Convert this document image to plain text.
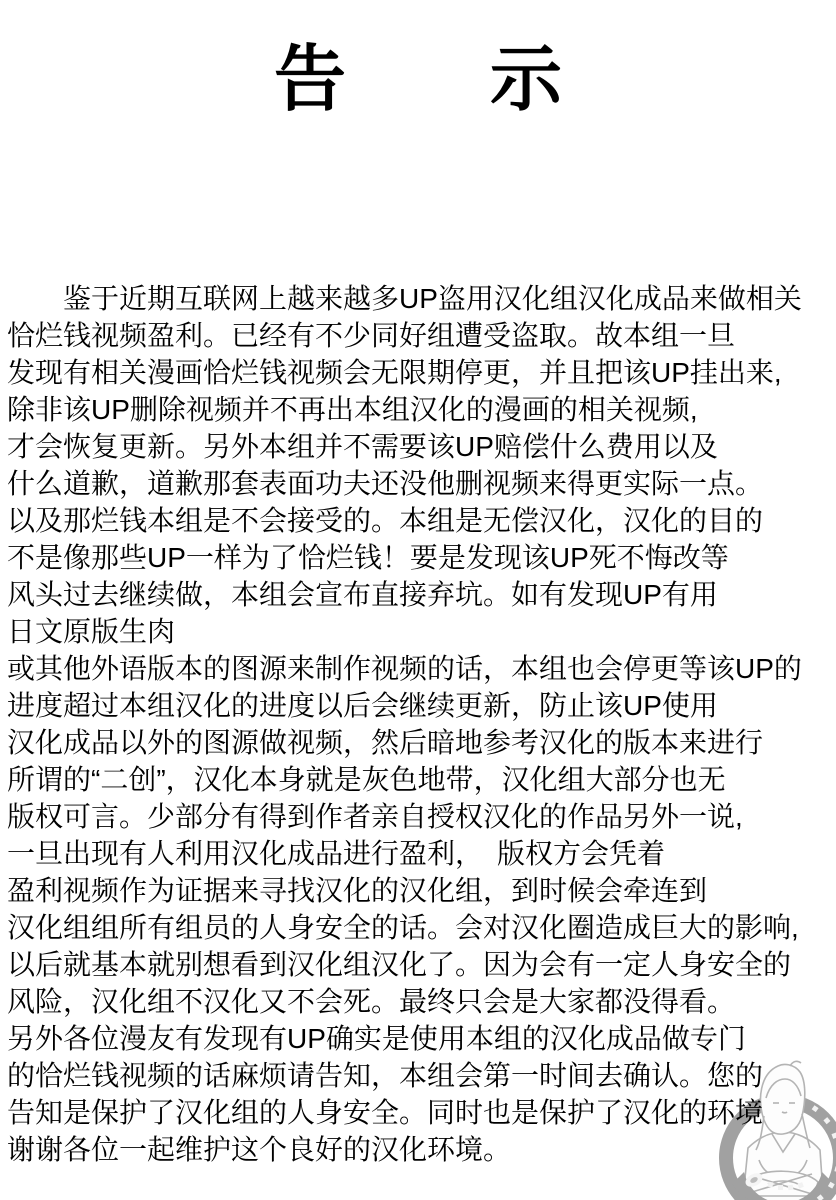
告　　示
　　鉴于近期互联网上越来越多UP盗用汉化组汉化成品来做相关
恰烂钱视频盈利。已经有不少同好组遭受盗取。故本组一旦
发现有相关漫画恰烂钱视频会无限期停更，并且把该UP挂出来,
除非该UP删除视频并不再出本组汉化的漫画的相关视频,
才会恢复更新。另外本组并不需要该UP赔偿什么费用以及
什么道歉，道歉那套表面功夫还没他删视频来得更实际一点。
以及那烂钱本组是不会接受的。本组是无偿汉化，汉化的目的
不是像那些UP一样为了恰烂钱！要是发现该UP死不悔改等
风头过去继续做，本组会宣布直接弃坑。如有发现UP有用
日文原版生肉
或其他外语版本的图源来制作视频的话，本组也会停更等该UP的
进度超过本组汉化的进度以后会继续更新，防止该UP使用
汉化成品以外的图源做视频，然后暗地参考汉化的版本来进行
所谓的“二创”，汉化本身就是灰色地带，汉化组大部分也无
版权可言。少部分有得到作者亲自授权汉化的作品另外一说,
一旦出现有人利用汉化成品进行盈利，　版权方会凭着
盈利视频作为证据来寻找汉化的汉化组，到时候会牵连到
汉化组组所有组员的人身安全的话。会对汉化圈造成巨大的影响,
以后就基本就别想看到汉化组汉化了。因为会有一定人身安全的
风险，汉化组不汉化又不会死。最终只会是大家都没得看。
另外各位漫友有发现有UP确实是使用本组的汉化成品做专门
的恰烂钱视频的话麻烦请告知，本组会第一时间去确认。您的
告知是保护了汉化组的人身安全。同时也是保护了汉化的环境
谢谢各位一起维护这个良好的汉化环境。
